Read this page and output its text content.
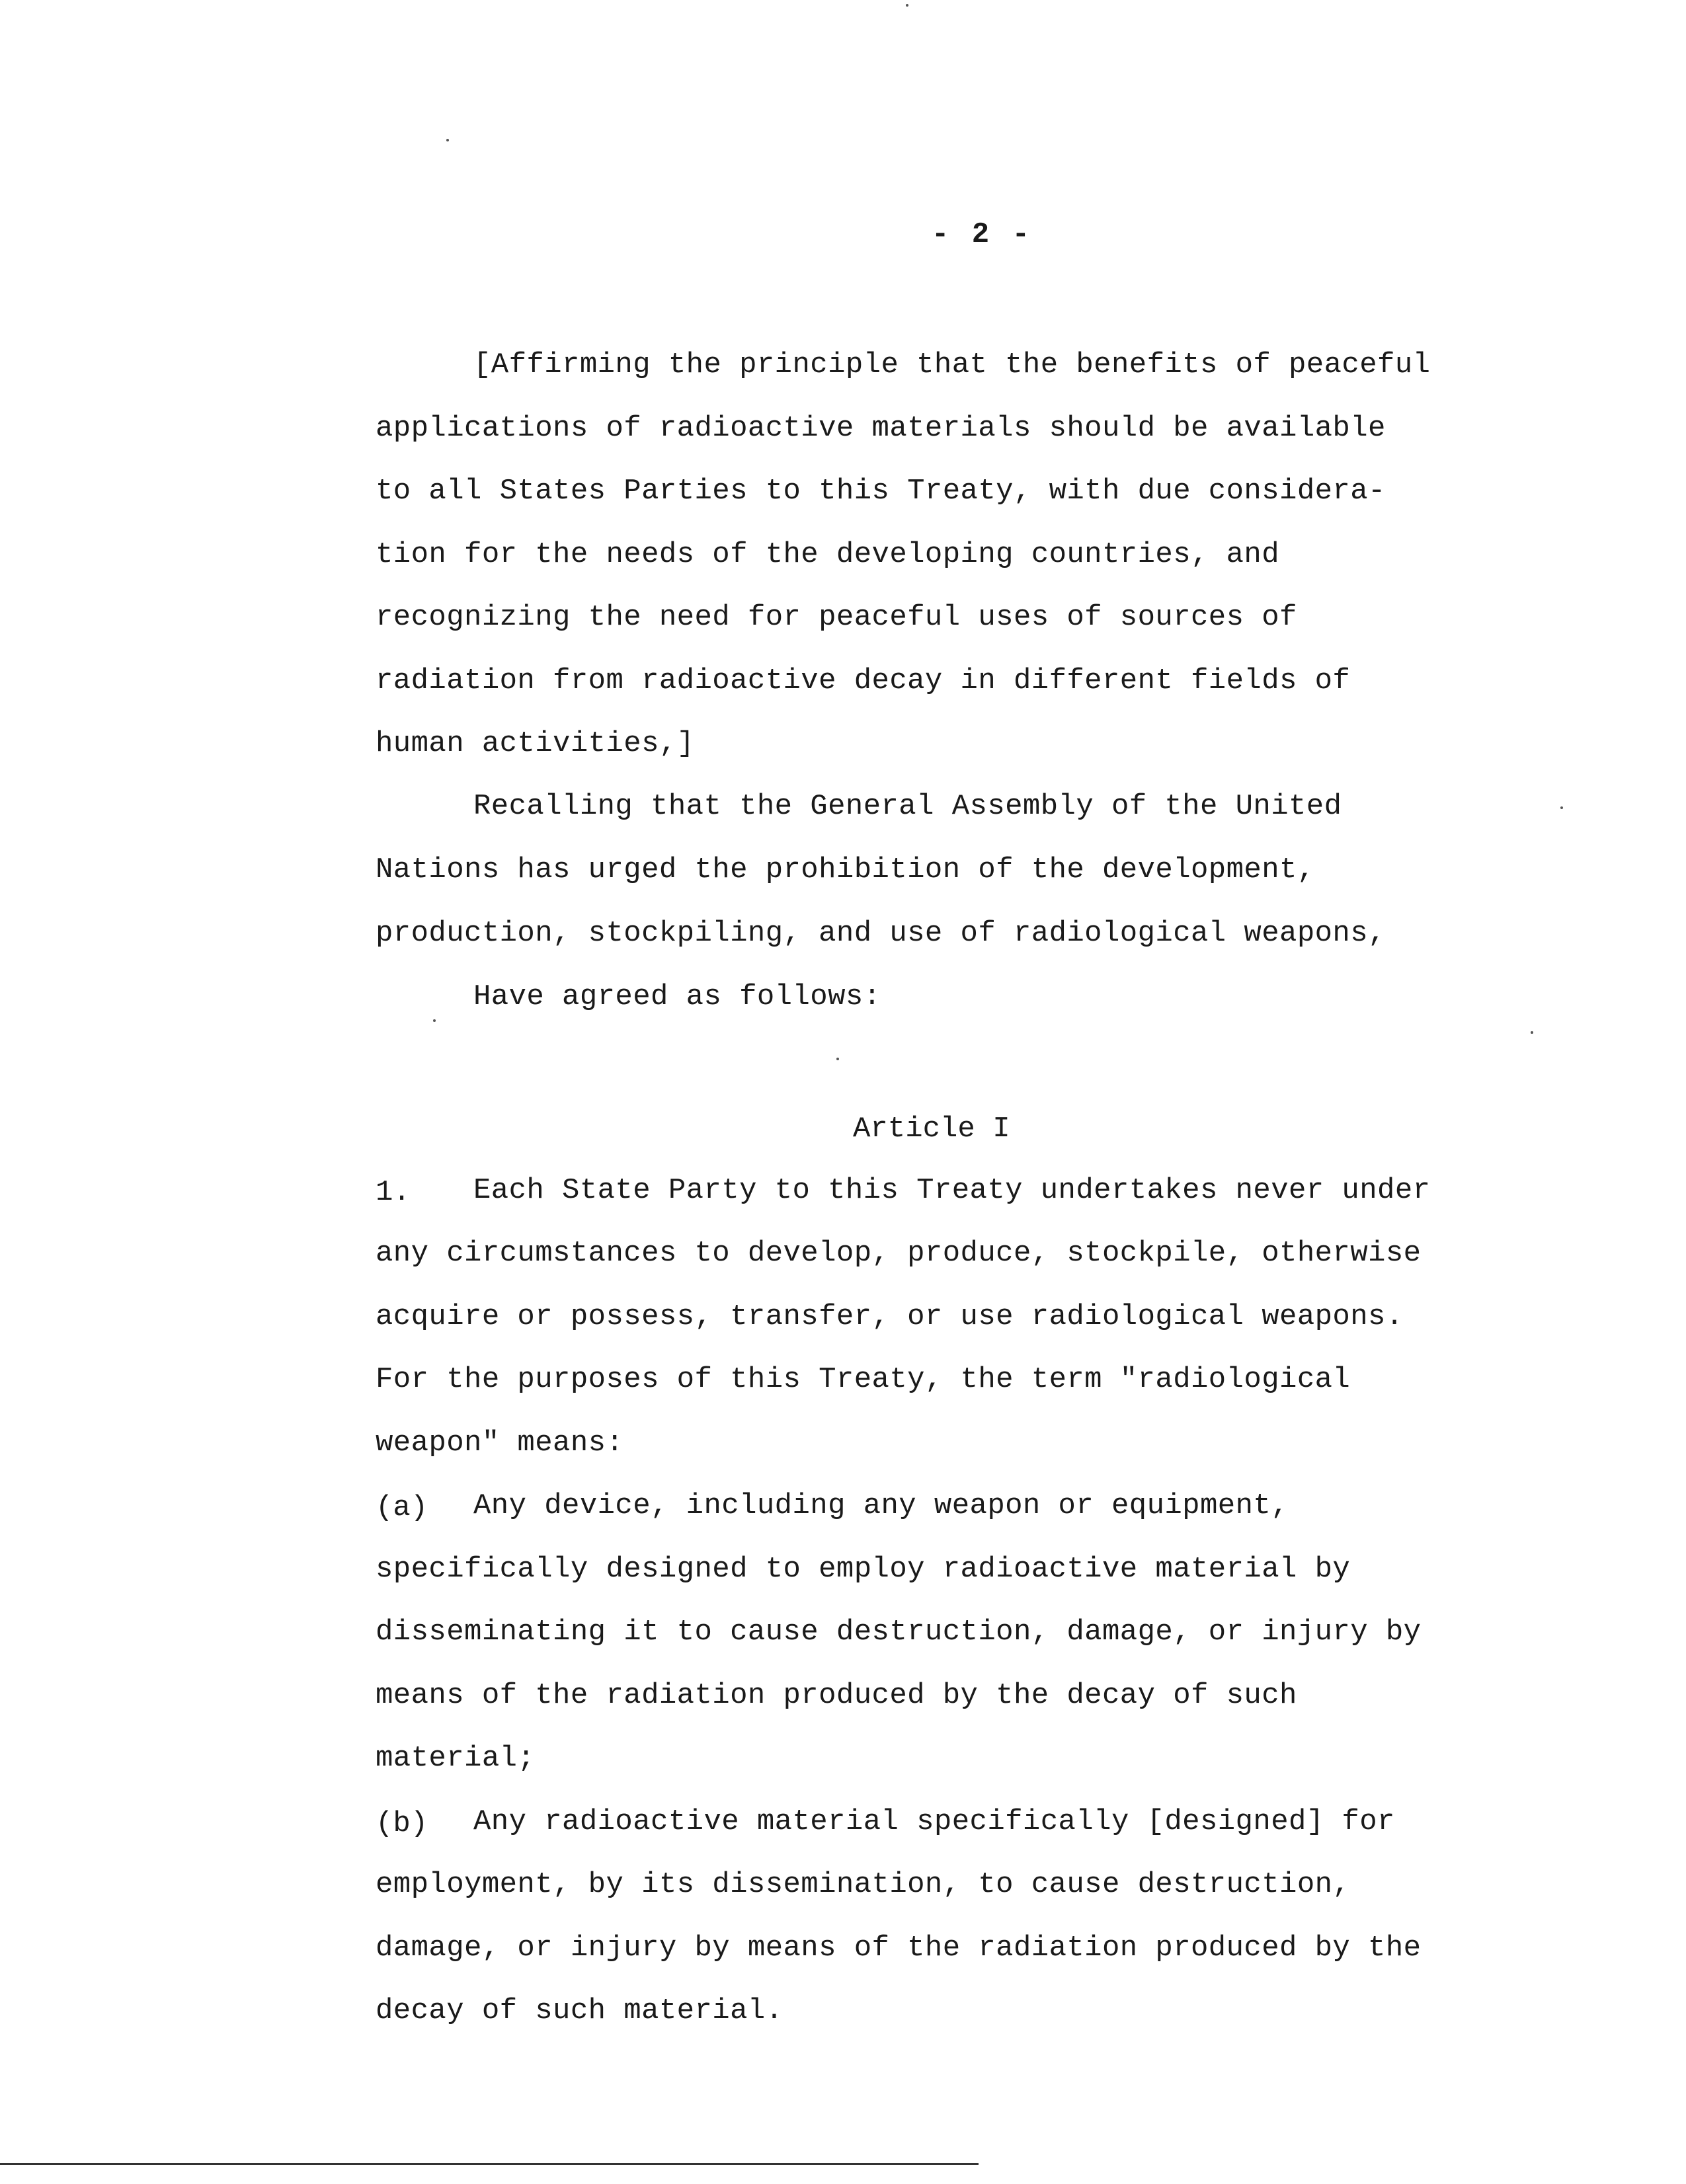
- 2 -
[Affirming the principle that the benefits of peaceful
applications of radioactive materials should be available
to all States Parties to this Treaty, with due considera-
tion for the needs of the developing countries, and
recognizing the need for peaceful uses of sources of
radiation from radioactive decay in different fields of
human activities,]
Recalling that the General Assembly of the United
Nations has urged the prohibition of the development,
production, stockpiling, and use of radiological weapons,
Have agreed as follows:
Article I
1. Each State Party to this Treaty undertakes never under
any circumstances to develop, produce, stockpile, otherwise
acquire or possess, transfer, or use radiological weapons.
For the purposes of this Treaty, the term "radiological
weapon" means:
(a) Any device, including any weapon or equipment,
specifically designed to employ radioactive material by
disseminating it to cause destruction, damage, or injury by
means of the radiation produced by the decay of such
material;
(b) Any radioactive material specifically [designed] for
employment, by its dissemination, to cause destruction,
damage, or injury by means of the radiation produced by the
decay of such material.
